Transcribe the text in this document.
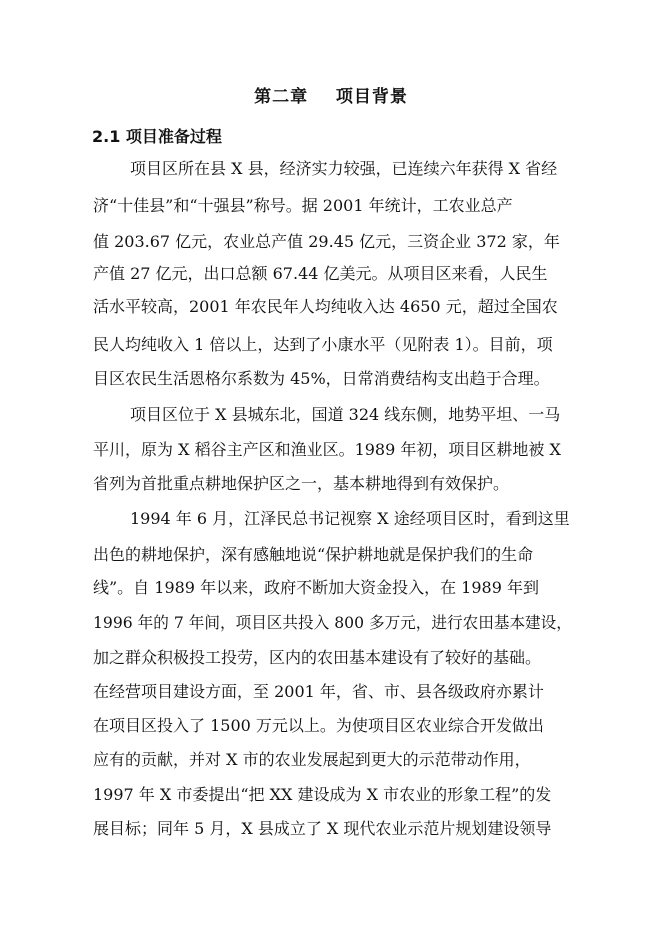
第二章    项目背景
2.1 项目准备过程
项目区所在县 X 县，经济实力较强，已连续六年获得 X 省经
济“十佳县”和“十强县”称号。据 2001 年统计，工农业总产
值 203.67 亿元，农业总产值 29.45 亿元，三资企业 372 家，年
产值 27 亿元，出口总额 67.44 亿美元。从项目区来看，人民生
活水平较高，2001 年农民年人均纯收入达 4650 元，超过全国农
民人均纯收入 1 倍以上，达到了小康水平（见附表 1）。目前，项
目区农民生活恩格尔系数为 45%，日常消费结构支出趋于合理。
项目区位于 X 县城东北，国道 324 线东侧，地势平坦、一马
平川，原为 X 稻谷主产区和渔业区。1989 年初，项目区耕地被 X
省列为首批重点耕地保护区之一，基本耕地得到有效保护。
1994 年 6 月，江泽民总书记视察 X 途经项目区时，看到这里
出色的耕地保护，深有感触地说“保护耕地就是保护我们的生命
线”。自 1989 年以来，政府不断加大资金投入，在 1989 年到
1996 年的 7 年间，项目区共投入 800 多万元，进行农田基本建设，
加之群众积极投工投劳，区内的农田基本建设有了较好的基础。
在经营项目建设方面，至 2001 年，省、市、县各级政府亦累计
在项目区投入了 1500 万元以上。为使项目区农业综合开发做出
应有的贡献，并对 X 市的农业发展起到更大的示范带动作用，
1997 年 X 市委提出“把 XX 建设成为 X 市农业的形象工程”的发
展目标；同年 5 月，X 县成立了 X 现代农业示范片规划建设领导
